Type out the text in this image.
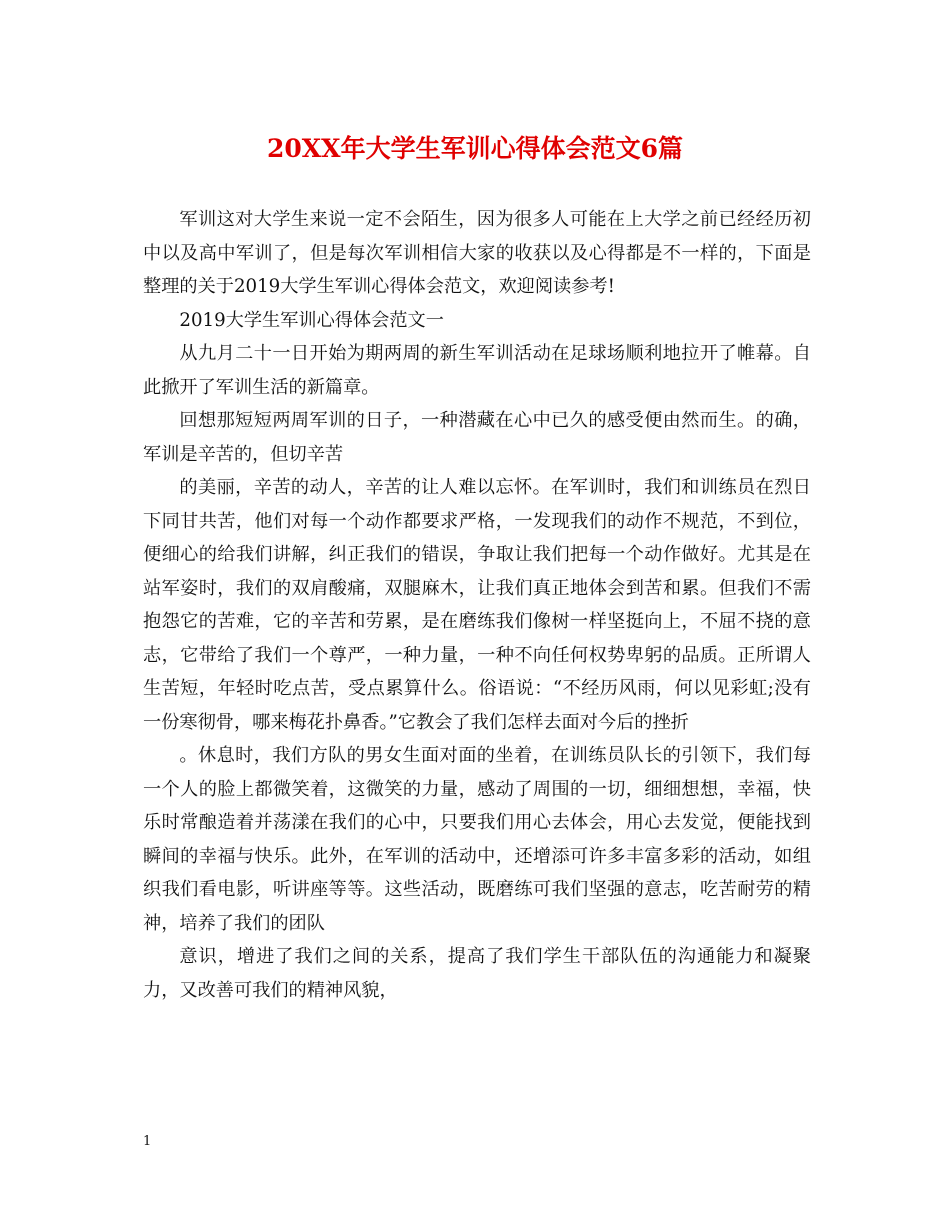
20XX年大学生军训心得体会范文6篇

军训这对大学生来说一定不会陌生，因为很多人可能在上大学之前已经经历初中以及高中军训了，但是每次军训相信大家的收获以及心得都是不一样的，下面是整理的关于2019大学生军训心得体会范文，欢迎阅读参考!

2019大学生军训心得体会范文一

从九月二十一日开始为期两周的新生军训活动在足球场顺利地拉开了帷幕。自此掀开了军训生活的新篇章。

回想那短短两周军训的日子，一种潜藏在心中已久的感受便由然而生。的确，军训是辛苦的，但切辛苦

的美丽，辛苦的动人，辛苦的让人难以忘怀。在军训时，我们和训练员在烈日下同甘共苦，他们对每一个动作都要求严格，一发现我们的动作不规范，不到位，便细心的给我们讲解，纠正我们的错误，争取让我们把每一个动作做好。尤其是在站军姿时，我们的双肩酸痛，双腿麻木，让我们真正地体会到苦和累。但我们不需抱怨它的苦难，它的辛苦和劳累，是在磨练我们像树一样坚挺向上，不屈不挠的意志，它带给了我们一个尊严，一种力量，一种不向任何权势卑躬的品质。正所谓人生苦短，年轻时吃点苦，受点累算什么。俗语说：“不经历风雨，何以见彩虹;没有一份寒彻骨，哪来梅花扑鼻香。”它教会了我们怎样去面对今后的挫折

。休息时，我们方队的男女生面对面的坐着，在训练员队长的引领下，我们每一个人的脸上都微笑着，这微笑的力量，感动了周围的一切，细细想想，幸福，快乐时常酿造着并荡漾在我们的心中，只要我们用心去体会，用心去发觉，便能找到瞬间的幸福与快乐。此外，在军训的活动中，还增添可许多丰富多彩的活动，如组织我们看电影，听讲座等等。这些活动，既磨练可我们坚强的意志，吃苦耐劳的精神，培养了我们的团队

意识，增进了我们之间的关系，提高了我们学生干部队伍的沟通能力和凝聚力，又改善可我们的精神风貌，

1
